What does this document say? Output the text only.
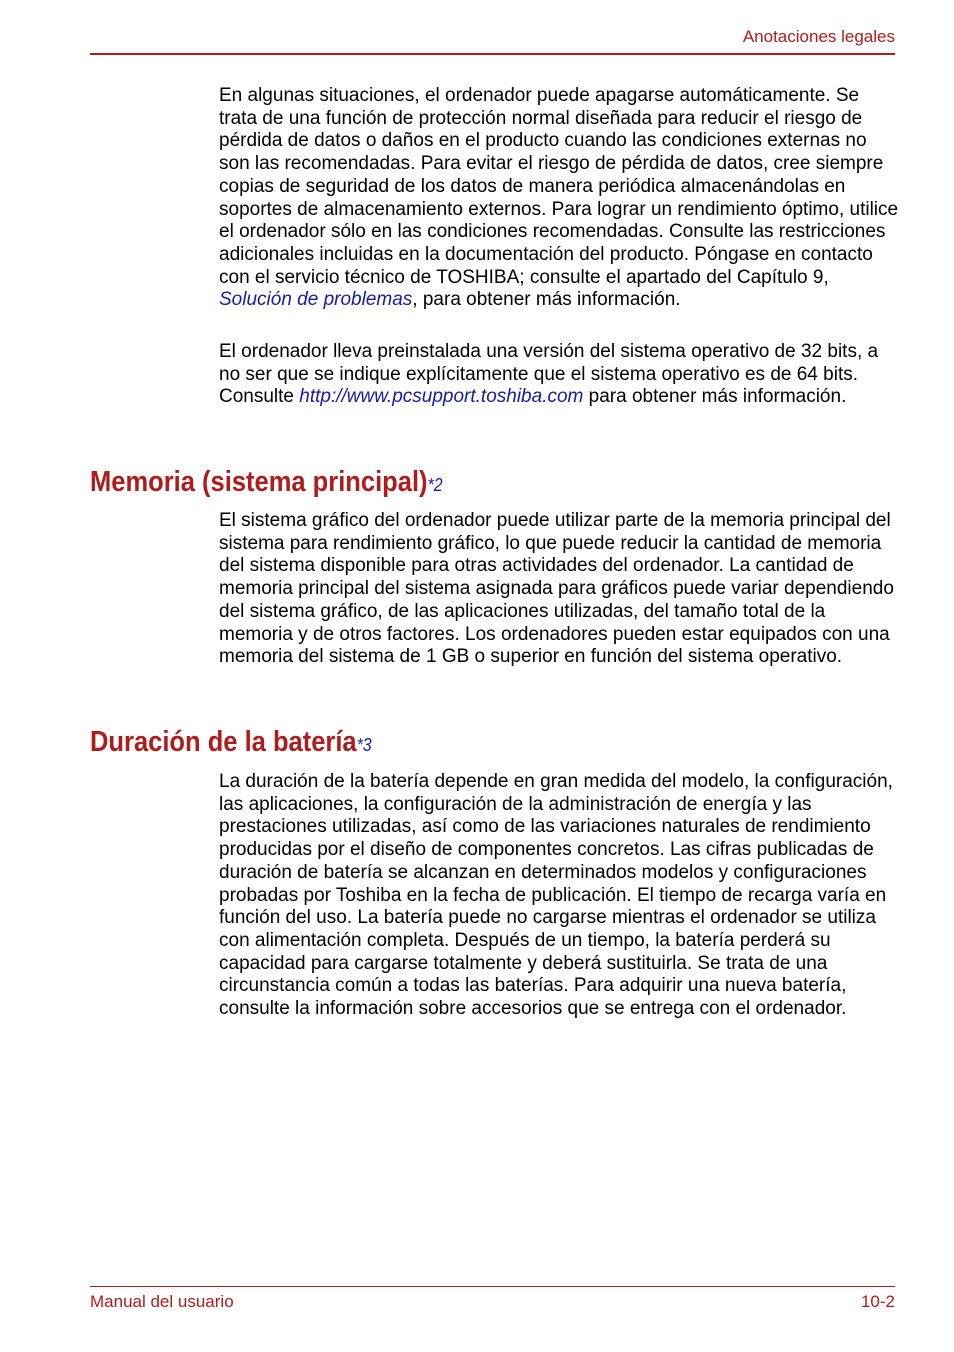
Anotaciones legales

En algunas situaciones, el ordenador puede apagarse automáticamente. Se trata de una función de protección normal diseñada para reducir el riesgo de pérdida de datos o daños en el producto cuando las condiciones externas no son las recomendadas. Para evitar el riesgo de pérdida de datos, cree siempre copias de seguridad de los datos de manera periódica almacenándolas en soportes de almacenamiento externos. Para lograr un rendimiento óptimo, utilice el ordenador sólo en las condiciones recomendadas. Consulte las restricciones adicionales incluidas en la documentación del producto. Póngase en contacto con el servicio técnico de TOSHIBA; consulte el apartado del Capítulo 9, Solución de problemas, para obtener más información.

El ordenador lleva preinstalada una versión del sistema operativo de 32 bits, a no ser que se indique explícitamente que el sistema operativo es de 64 bits. Consulte http://www.pcsupport.toshiba.com para obtener más información.

Memoria (sistema principal)*2

El sistema gráfico del ordenador puede utilizar parte de la memoria principal del sistema para rendimiento gráfico, lo que puede reducir la cantidad de memoria del sistema disponible para otras actividades del ordenador. La cantidad de memoria principal del sistema asignada para gráficos puede variar dependiendo del sistema gráfico, de las aplicaciones utilizadas, del tamaño total de la memoria y de otros factores. Los ordenadores pueden estar equipados con una memoria del sistema de 1 GB o superior en función del sistema operativo.

Duración de la batería*3

La duración de la batería depende en gran medida del modelo, la configuración, las aplicaciones, la configuración de la administración de energía y las prestaciones utilizadas, así como de las variaciones naturales de rendimiento producidas por el diseño de componentes concretos. Las cifras publicadas de duración de batería se alcanzan en determinados modelos y configuraciones probadas por Toshiba en la fecha de publicación. El tiempo de recarga varía en función del uso. La batería puede no cargarse mientras el ordenador se utiliza con alimentación completa. Después de un tiempo, la batería perderá su capacidad para cargarse totalmente y deberá sustituirla. Se trata de una circunstancia común a todas las baterías. Para adquirir una nueva batería, consulte la información sobre accesorios que se entrega con el ordenador.

Manual del usuario	10-2
